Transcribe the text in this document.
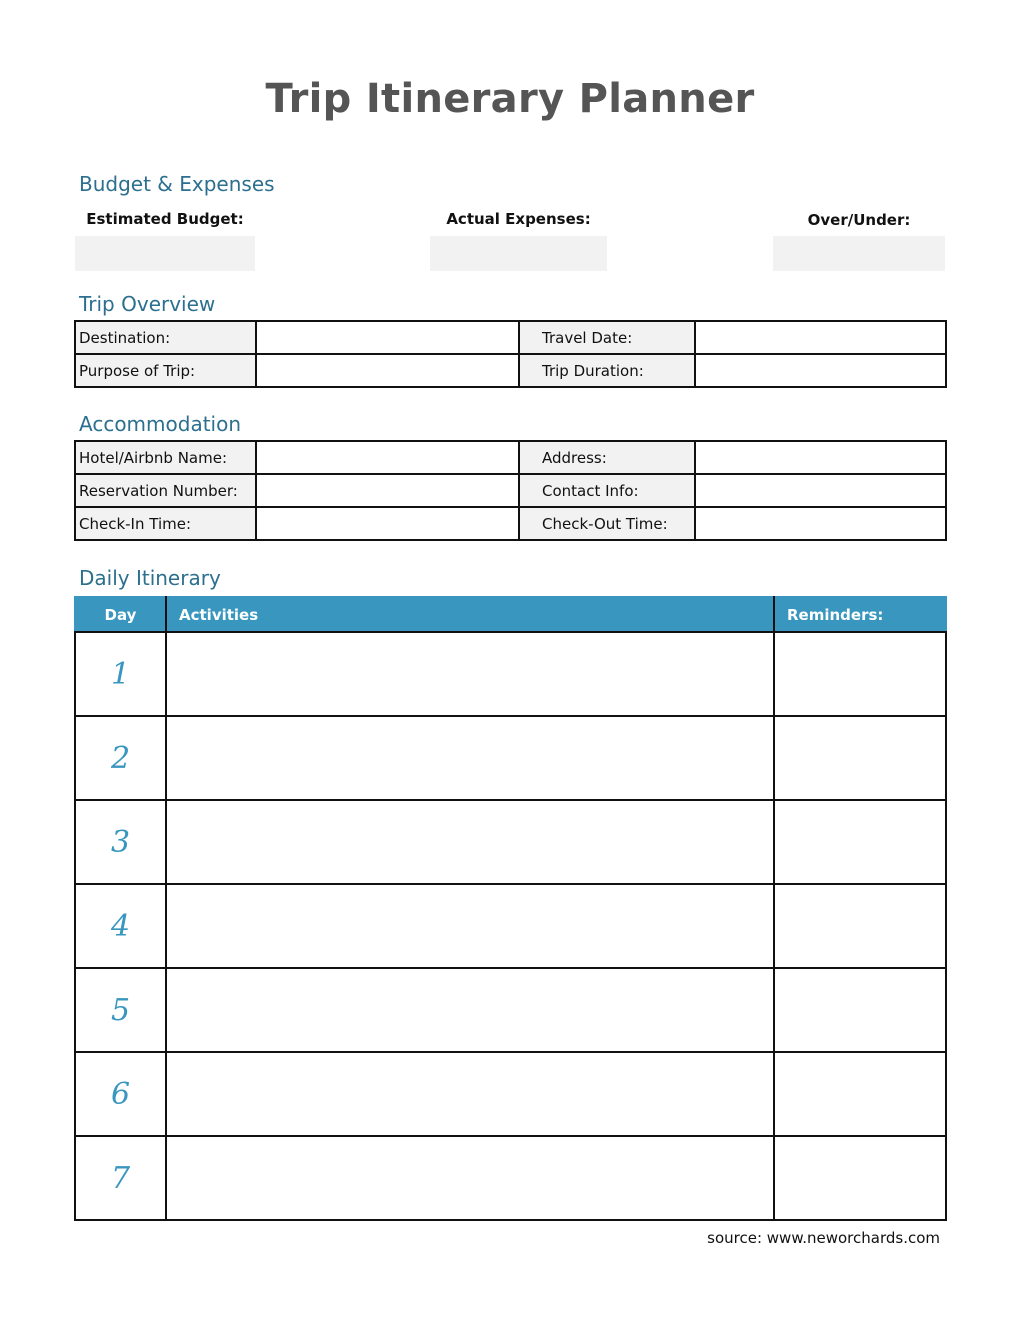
Trip Itinerary Planner
Budget & Expenses
Estimated Budget:	Actual Expenses:	Over/Under:
Trip Overview
Destination:		Travel Date:	
Purpose of Trip:		Trip Duration:	
Accommodation
Hotel/Airbnb Name:		Address:	
Reservation Number:		Contact Info:	
Check-In Time:		Check-Out Time:	
Daily Itinerary
Day	Activities	Reminders:
1		
2		
3		
4		
5		
6		
7		
source: www.neworchards.com
